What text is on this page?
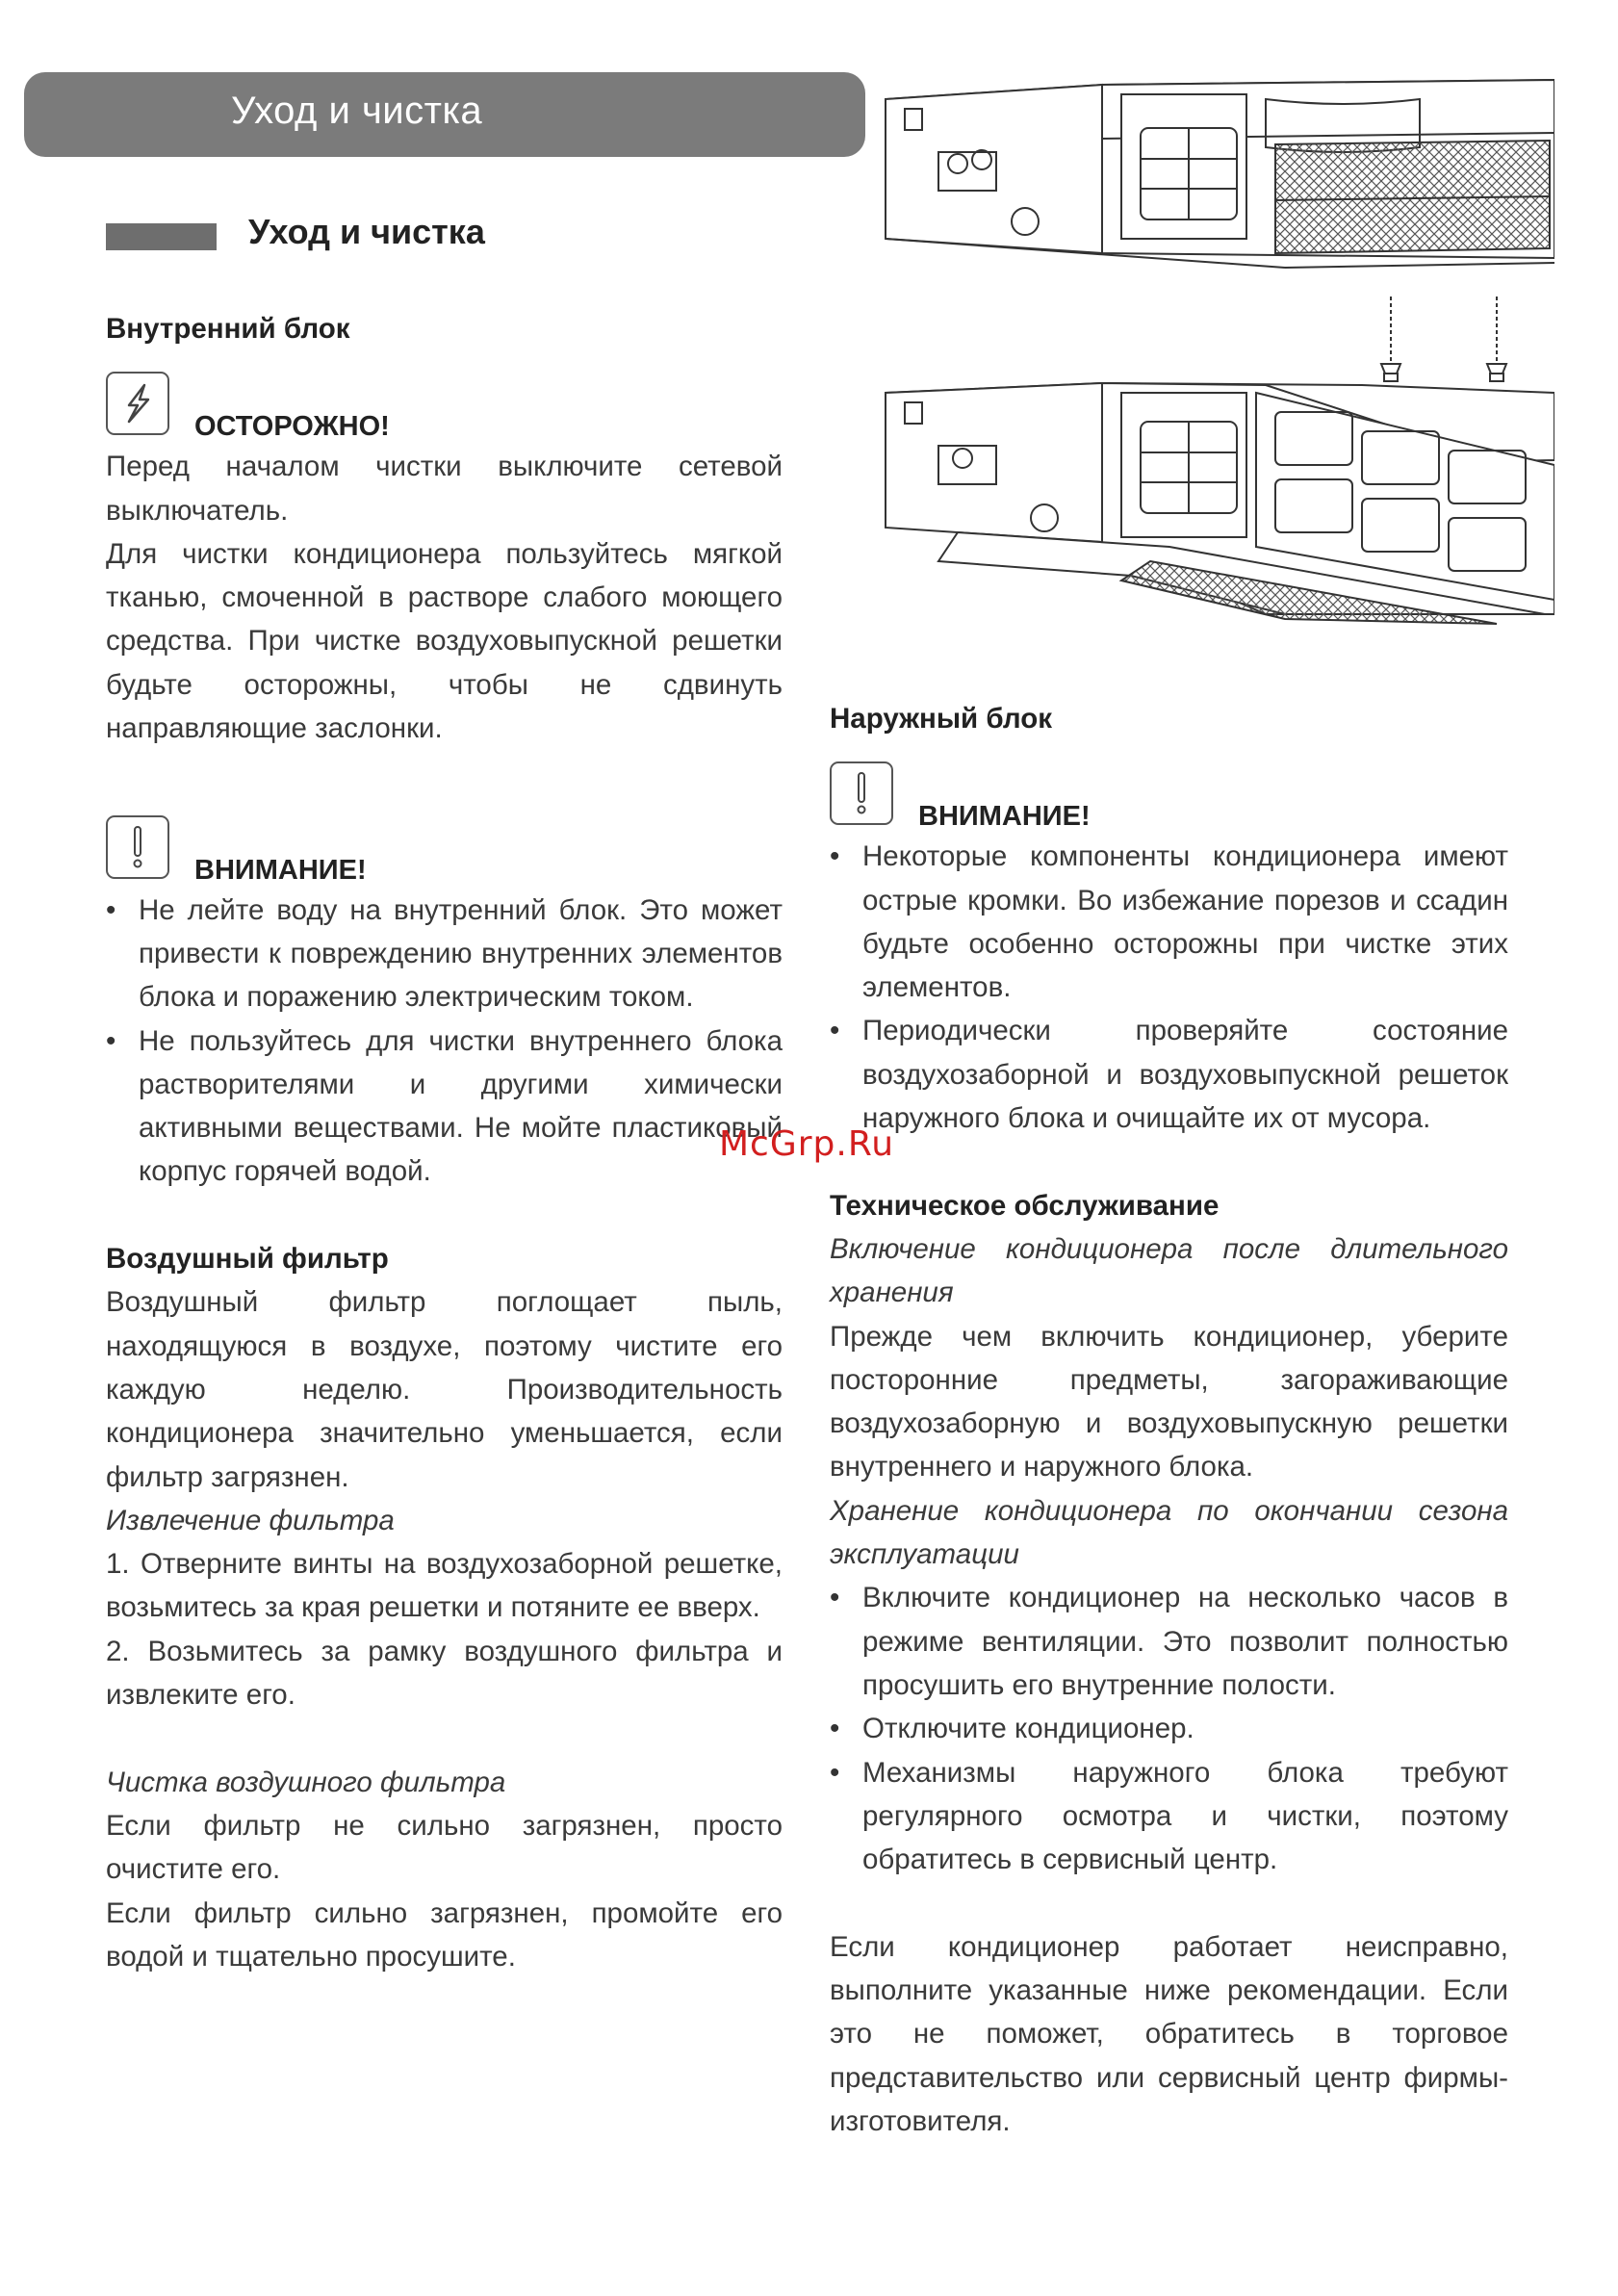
Уход и чистка
Уход и чистка

Внутренний блок

ОСТОРОЖНО!

Перед началом чистки выключите сетевой выключатель.

Для чистки кондиционера пользуйтесь мягкой тканью, смоченной в растворе слабого моющего средства. При чистке воздуховыпускной решетки будьте осторожны, чтобы не сдвинуть направляющие заслонки.

ВНИМАНИЕ!
• Не лейте воду на внутренний блок. Это может привести к повреждению внутренних элементов блока и поражению электрическим током.
• Не пользуйтесь для чистки внутреннего блока растворителями и другими химически активными веществами. Не мойте пластиковый корпус горячей водой.

Воздушный фильтр

Воздушный фильтр поглощает пыль, находящуюся в воздухе, поэтому чистите его каждую неделю. Производительность кондиционера значительно уменьшается, если фильтр загрязнен.

Извлечение фильтра

1. Отверните винты на воздухозаборной решетке, возьмитесь за края решетки и потяните ее вверх.

2. Возьмитесь за рамку воздушного фильтра и извлеките его.

Чистка воздушного фильтра

Если фильтр не сильно загрязнен, просто очистите его.

Если фильтр сильно загрязнен, промойте его водой и тщательно просушите.

Наружный блок

ВНИМАНИЕ!
• Некоторые компоненты кондиционера имеют острые кромки. Во избежание порезов и ссадин будьте особенно осторожны при чистке этих элементов.
• Периодически проверяйте состояние воздухозаборной и воздуховыпускной решеток наружного блока и очищайте их от мусора.

Техническое обслуживание

Включение кондиционера после длительного хранения

Прежде чем включить кондиционер, уберите посторонние предметы, загораживающие воздухозаборную и воздуховыпускную решетки внутреннего и наружного блока.

Хранение кондиционера по окончании сезона эксплуатации

• Включите кондиционер на несколько часов в режиме вентиляции. Это позволит полностью просушить его внутренние полости.
• Отключите кондиционер.
• Механизмы наружного блока требуют регулярного осмотра и чистки, поэтому обратитесь в сервисный центр.

Если кондиционер работает неисправно, выполните указанные ниже рекомендации. Если это не поможет, обратитесь в торговое представительство или сервисный центр фирмы-изготовителя.

McGrp.Ru
